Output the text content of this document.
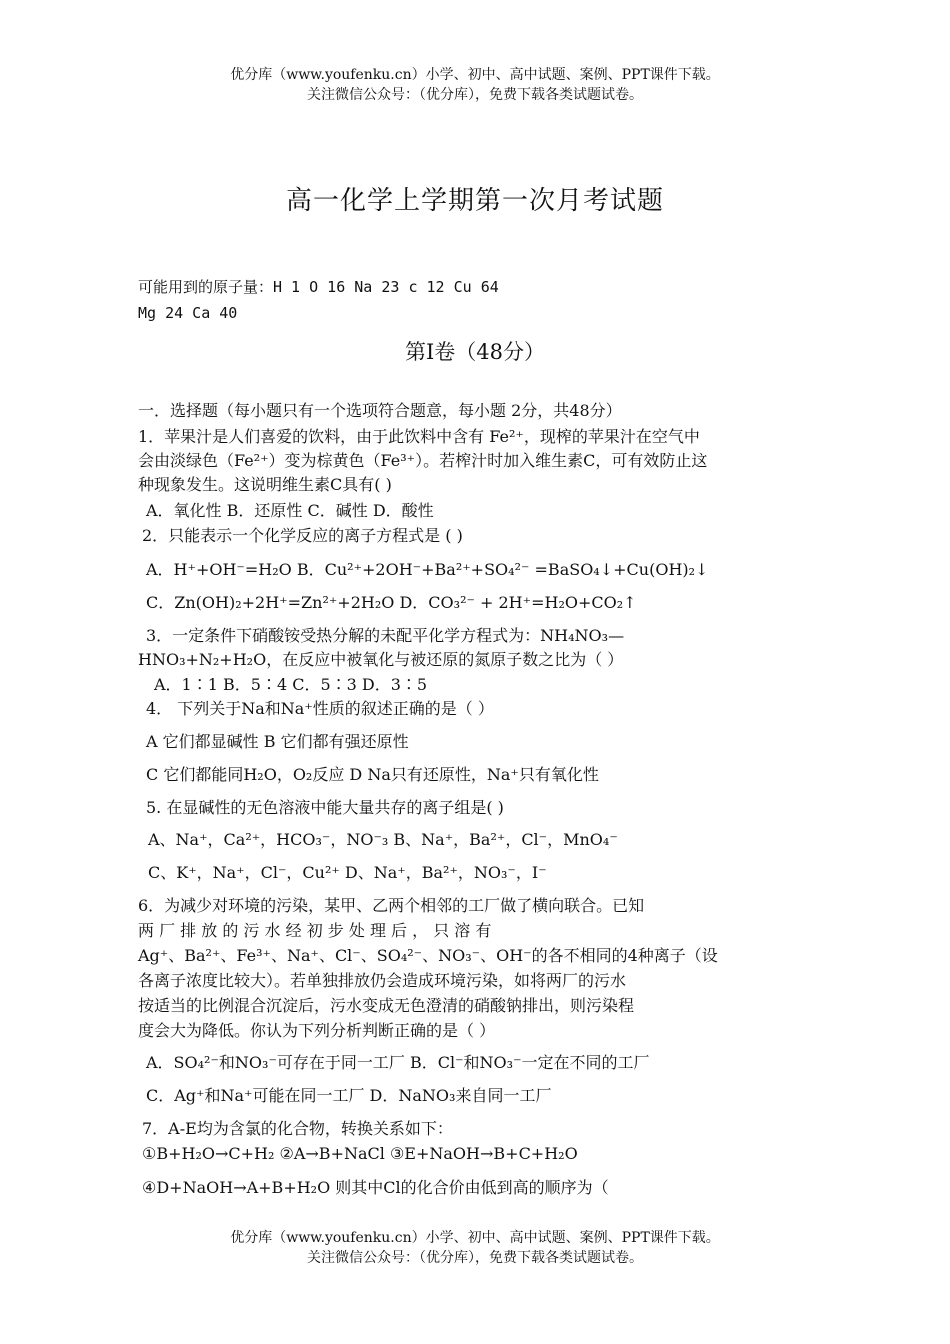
优分库（www.youfenku.cn）小学、初中、高中试题、案例、PPT课件下载。
关注微信公众号：（优分库），免费下载各类试题试卷。
高一化学上学期第一次月考试题
可能用到的原子量：H 1 O 16 Na 23 c 12 Cu 64
Mg 24 Ca 40
第Ⅰ卷（48分）
一．选择题（每小题只有一个选项符合题意，每小题 2分，共48分）
1．苹果汁是人们喜爱的饮料，由于此饮料中含有 Fe²⁺，现榨的苹果汁在空气中
会由淡绿色（Fe²⁺）变为棕黄色（Fe³⁺）。若榨汁时加入维生素C，可有效防止这
种现象发生。这说明维生素C具有( )
A．氧化性 B．还原性 C．碱性 D．酸性
2．只能表示一个化学反应的离子方程式是 ( )
A．H⁺+OH⁻=H₂O B．Cu²⁺+2OH⁻+Ba²⁺+SO₄²⁻ =BaSO₄↓+Cu(OH)₂↓
C．Zn(OH)₂+2H⁺=Zn²⁺+2H₂O D．CO₃²⁻ + 2H⁺=H₂O+CO₂↑
3．一定条件下硝酸铵受热分解的未配平化学方程式为：NH₄NO₃—
HNO₃+N₂+H₂O，在反应中被氧化与被还原的氮原子数之比为（ ）
A．1∶1 B．5∶4 C．5∶3 D．3∶5
4． 下列关于Na和Na⁺性质的叙述正确的是（ ）
A 它们都显碱性 B 它们都有强还原性
C 它们都能同H₂O，O₂反应 D Na只有还原性，Na⁺只有氧化性
5. 在显碱性的无色溶液中能大量共存的离子组是( )
A、Na⁺，Ca²⁺，HCO₃⁻，NO⁻₃ B、Na⁺，Ba²⁺，Cl⁻，MnO₄⁻
C、K⁺，Na⁺，Cl⁻，Cu²⁺ D、Na⁺，Ba²⁺，NO₃⁻，I⁻
6．为减少对环境的污染，某甲、乙两个相邻的工厂做了横向联合。已知
两 厂 排 放 的 污 水 经 初 步 处 理 后 ， 只 溶 有
Ag⁺、Ba²⁺、Fe³⁺、Na⁺、Cl⁻、SO₄²⁻、NO₃⁻、OH⁻的各不相同的4种离子（设
各离子浓度比较大）。若单独排放仍会造成环境污染，如将两厂的污水
按适当的比例混合沉淀后，污水变成无色澄清的硝酸钠排出，则污染程
度会大为降低。你认为下列分析判断正确的是（ ）
A．SO₄²⁻和NO₃⁻可存在于同一工厂 B．Cl⁻和NO₃⁻一定在不同的工厂
C．Ag⁺和Na⁺可能在同一工厂 D．NaNO₃来自同一工厂
7．A-E均为含氯的化合物，转换关系如下：
①B+H₂O→C+H₂ ②A→B+NaCl ③E+NaOH→B+C+H₂O
④D+NaOH→A+B+H₂O 则其中Cl的化合价由低到高的顺序为（
优分库（www.youfenku.cn）小学、初中、高中试题、案例、PPT课件下载。
关注微信公众号：（优分库），免费下载各类试题试卷。
